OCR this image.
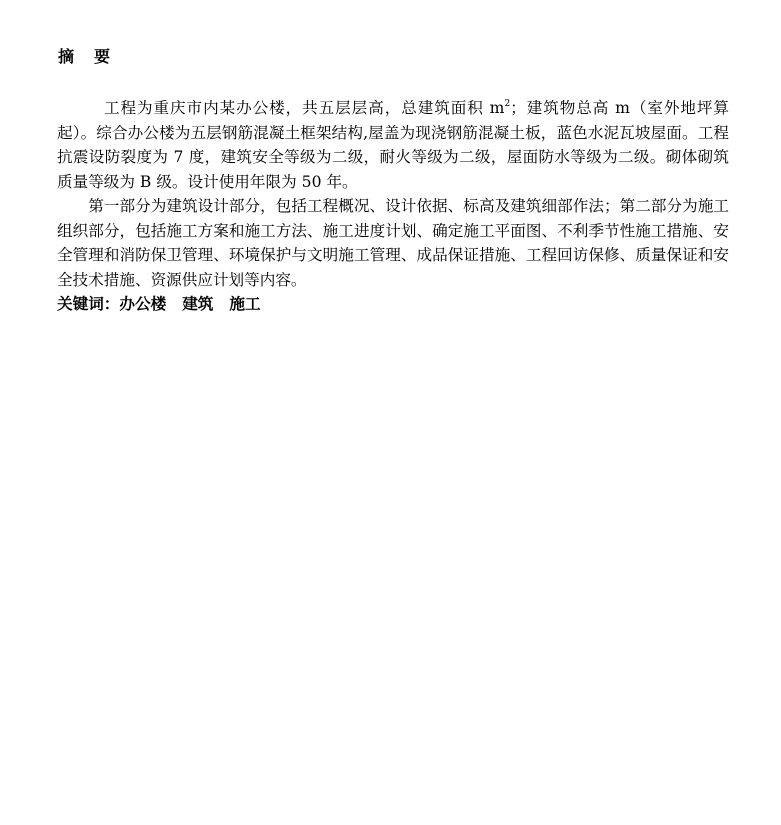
摘 要

工程为重庆市内某办公楼，共五层层高，总建筑面积 $m^2$；建筑物总高 m（室外地坪算起）。综合办公楼为五层钢筋混凝土框架结构,屋盖为现浇钢筋混凝土板，蓝色水泥瓦坡屋面。工程抗震设防裂度为 7 度，建筑安全等级为二级，耐火等级为二级，屋面防水等级为二级。砌体砌筑质量等级为 B 级。设计使用年限为 50 年。

第一部分为建筑设计部分，包括工程概况、设计依据、标高及建筑细部作法；第二部分为施工组织部分，包括施工方案和施工方法、施工进度计划、确定施工平面图、不利季节性施工措施、安全管理和消防保卫管理、环境保护与文明施工管理、成品保证措施、工程回访保修、质量保证和安全技术措施、资源供应计划等内容。

关键词：办公楼 建筑 施工
